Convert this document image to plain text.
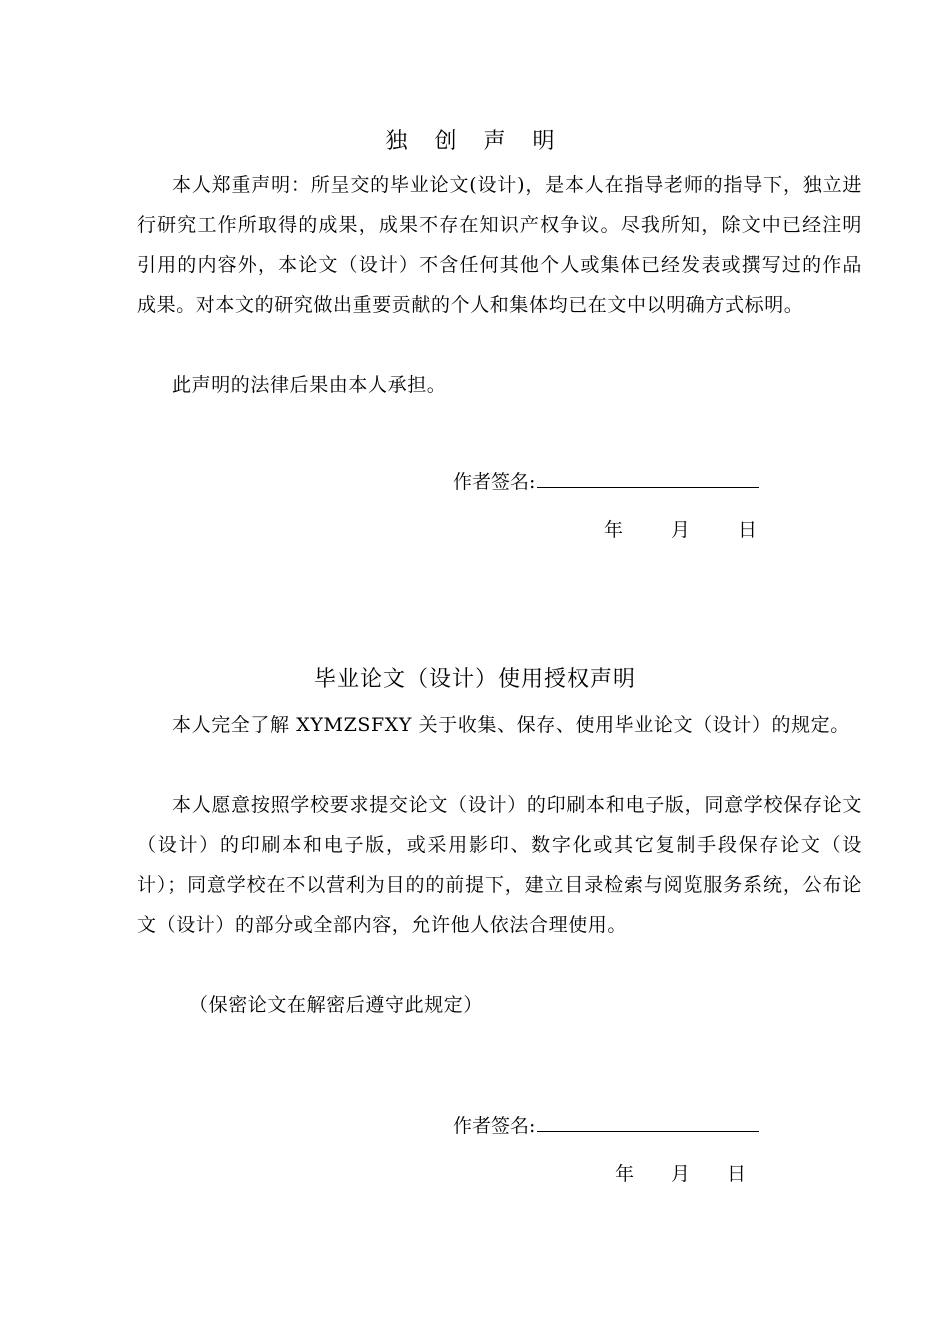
独 创 声 明

本人郑重声明：所呈交的毕业论文(设计)，是本人在指导老师的指导下，独立进行研究工作所取得的成果，成果不存在知识产权争议。尽我所知，除文中已经注明引用的内容外，本论文（设计）不含任何其他个人或集体已经发表或撰写过的作品成果。对本文的研究做出重要贡献的个人和集体均已在文中以明确方式标明。

此声明的法律后果由本人承担。

作者签名:
年	月	日
毕业论文（设计）使用授权声明

本人完全了解 XYMZSFXY 关于收集、保存、使用毕业论文（设计）的规定。

本人愿意按照学校要求提交论文（设计）的印刷本和电子版，同意学校保存论文（设计）的印刷本和电子版，或采用影印、数字化或其它复制手段保存论文（设计）；同意学校在不以营利为目的的前提下，建立目录检索与阅览服务系统，公布论文（设计）的部分或全部内容，允许他人依法合理使用。

（保密论文在解密后遵守此规定）

作者签名:
年 月 日
